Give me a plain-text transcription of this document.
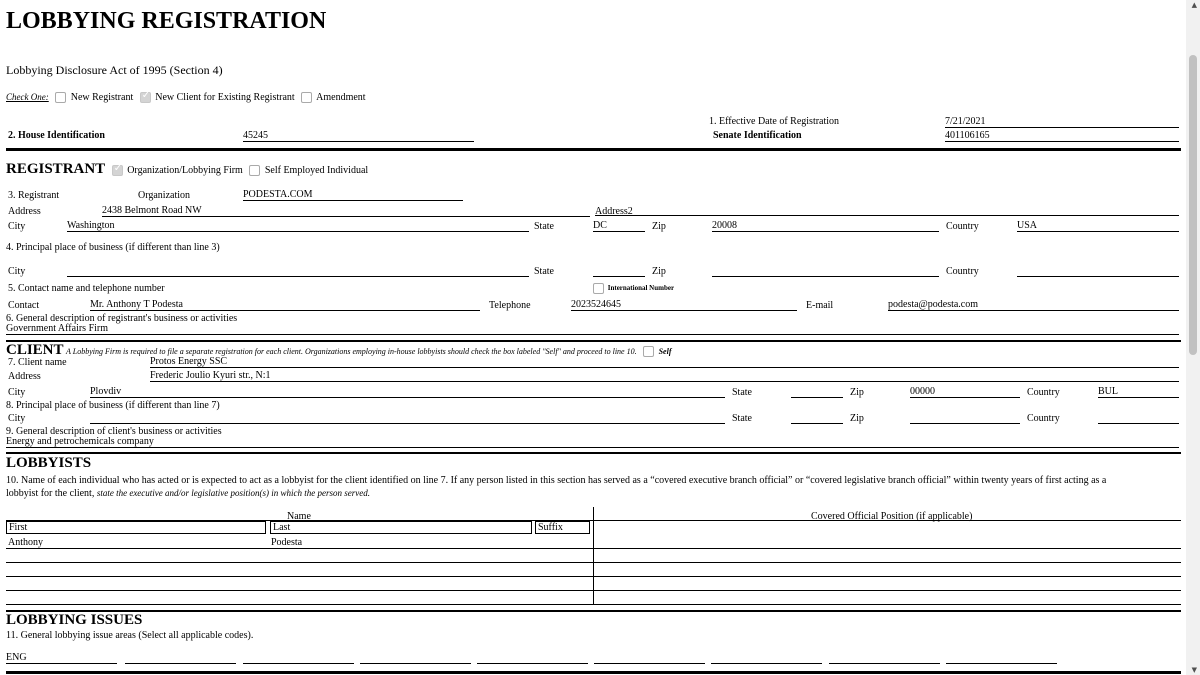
LOBBYING REGISTRATION
Lobbying Disclosure Act of 1995 (Section 4)
Check One: New Registrant ✓ New Client for Existing Registrant Amendment
1. Effective Date of Registration	7/21/2021
2. House Identification	45245	Senate Identification	401106165
REGISTRANT ✓ Organization/Lobbying Firm Self Employed Individual
3. Registrant	Organization	PODESTA.COM
Address	2438 Belmont Road NW	Address2
City	Washington	State	DC	Zip	20008	Country	USA
4. Principal place of business (if different than line 3)
City	State	Zip	Country
5. Contact name and telephone number	International Number
Contact	Mr. Anthony T Podesta	Telephone	2023524645	E-mail	podesta@podesta.com
6. General description of registrant's business or activities
Government Affairs Firm
CLIENT A Lobbying Firm is required to file a separate registration for each client. Organizations employing in-house lobbyists should check the box labeled "Self" and proceed to line 10.	Self
7. Client name	Protos Energy SSC
Address	Frederic Joulio Kyuri str., N:1
City	Plovdiv	State	Zip	00000	Country	BUL
8. Principal place of business (if different than line 7)
City	State	Zip	Country
9. General description of client's business or activities
Energy and petrochemicals company
LOBBYISTS
10. Name of each individual who has acted or is expected to act as a lobbyist for the client identified on line 7. If any person listed in this section has served as a “covered executive branch official” or “covered legislative branch official” within twenty years of first acting as a
lobbyist for the client, state the executive and/or legislative position(s) in which the person served.
Name	Covered Official Position (if applicable)
First	Last	Suffix
Anthony	Podesta
LOBBYING ISSUES
11. General lobbying issue areas (Select all applicable codes).
ENG
▲
▼
